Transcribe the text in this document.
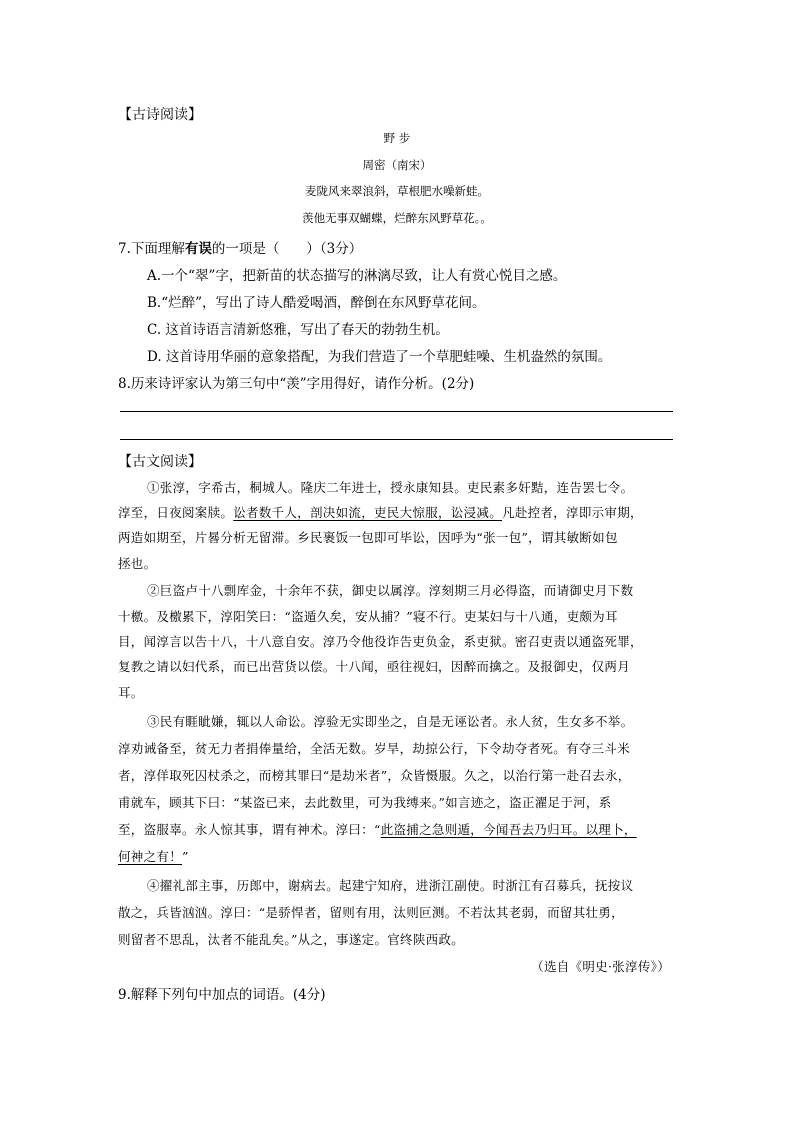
【古诗阅读】
野 步
周密（南宋）
麦陇风来翠浪斜，草根肥水噪新蛙。
羡他无事双蝴蝶，烂醉东风野草花。。
7.下面理解有误的一项是（　　）（3分）
A.一个“翠”字，把新苗的状态描写的淋漓尽致，让人有赏心悦目之感。
B.“烂醉”，写出了诗人酷爱喝酒，醉倒在东风野草花间。
C. 这首诗语言清新悠雅，写出了春天的勃勃生机。
D. 这首诗用华丽的意象搭配，为我们营造了一个草肥蛙噪、生机盎然的氛围。
8.历来诗评家认为第三句中“羡”字用得好，请作分析。(2分)
【古文阅读】
①张淳，字希古，桐城人。隆庆二年进士，授永康知县。吏民素多奸黠，连告罢七令。
淳至，日夜阅案牍。讼者数千人，剖决如流，吏民大惊服，讼浸减。凡赴控者，淳即示审期，
两造如期至，片晷分析无留滞。乡民裹饭一包即可毕讼，因呼为“张一包”，谓其敏断如包
拯也。
②巨盗卢十八剽库金，十余年不获，御史以属淳。淳刻期三月必得盗，而请御史月下数
十檄。及檄累下，淳阳笑曰：“盗遁久矣，安从捕？”寝不行。吏某妇与十八通，吏颇为耳
目，闻淳言以告十八，十八意自安。淳乃令他役诈告吏负金，系吏狱。密召吏责以通盗死罪，
复教之请以妇代系，而已出营货以偿。十八闻，亟往视妇，因醉而擒之。及报御史，仅两月
耳。
③民有睚眦嫌，辄以人命讼。淳验无实即坐之，自是无诬讼者。永人贫，生女多不举。
淳劝诫备至，贫无力者捐俸量给，全活无数。岁旱，劫掠公行，下令劫夺者死。有夺三斗米
者，淳佯取死囚杖杀之，而榜其罪曰“是劫米者”，众皆慑服。久之，以治行第一赴召去永，
甫就车，顾其下曰：“某盗已来，去此数里，可为我缚来。”如言迹之，盗正濯足于河，系
至，盗服辜。永人惊其事，谓有神术。淳曰：“此盗捕之急则遁，今闻吾去乃归耳。以理卜，
何神之有！”
④擢礼部主事，历郎中，谢病去。起建宁知府，进浙江副使。时浙江有召募兵，抚按议
散之，兵皆汹汹。淳曰：“是骄悍者，留则有用，汰则叵测。不若汰其老弱，而留其壮勇，
则留者不思乱，汰者不能乱矣。”从之，事遂定。官终陕西政。
（选自《明史·张淳传》）
9.解释下列句中加点的词语。(4分)
